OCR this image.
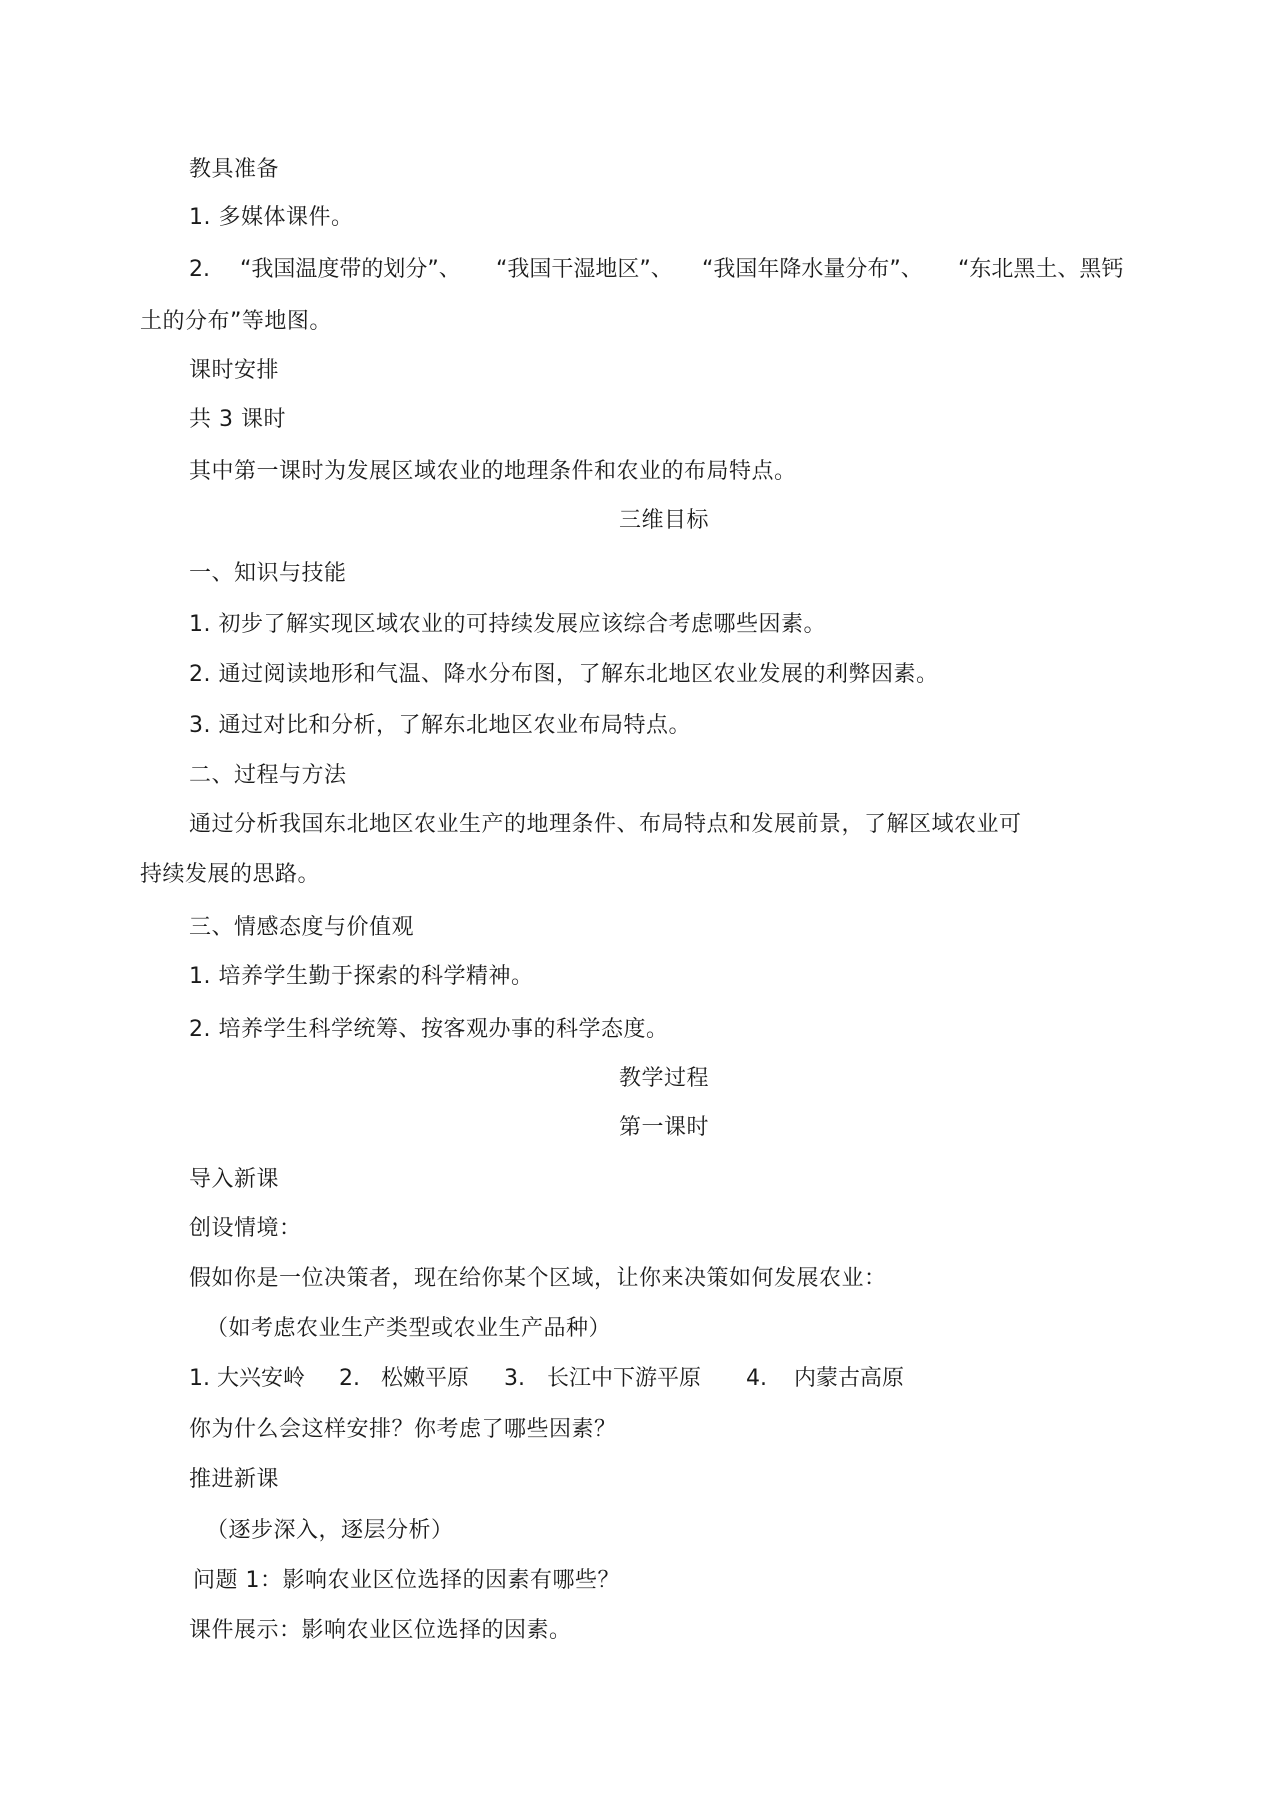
教具准备
1. 多媒体课件。
2. “我国温度带的划分”、 “我国干湿地区”、 “我国年降水量分布”、 “东北黑土、黑钙
土的分布”等地图。
课时安排
共 3 课时
其中第一课时为发展区域农业的地理条件和农业的布局特点。
三维目标
一、知识与技能
1. 初步了解实现区域农业的可持续发展应该综合考虑哪些因素。
2. 通过阅读地形和气温、降水分布图，了解东北地区农业发展的利弊因素。
3. 通过对比和分析，了解东北地区农业布局特点。
二、过程与方法
通过分析我国东北地区农业生产的地理条件、布局特点和发展前景，了解区域农业可
持续发展的思路。
三、情感态度与价值观
1. 培养学生勤于探索的科学精神。
2. 培养学生科学统筹、按客观办事的科学态度。
教学过程
第一课时
导入新课
创设情境：
假如你是一位决策者，现在给你某个区域，让你来决策如何发展农业：
（如考虑农业生产类型或农业生产品种）
1. 大兴安岭 2. 松嫩平原 3. 长江中下游平原 4. 内蒙古高原
你为什么会这样安排？你考虑了哪些因素？
推进新课
（逐步深入，逐层分析）
问题 1：影响农业区位选择的因素有哪些？
课件展示：影响农业区位选择的因素。
